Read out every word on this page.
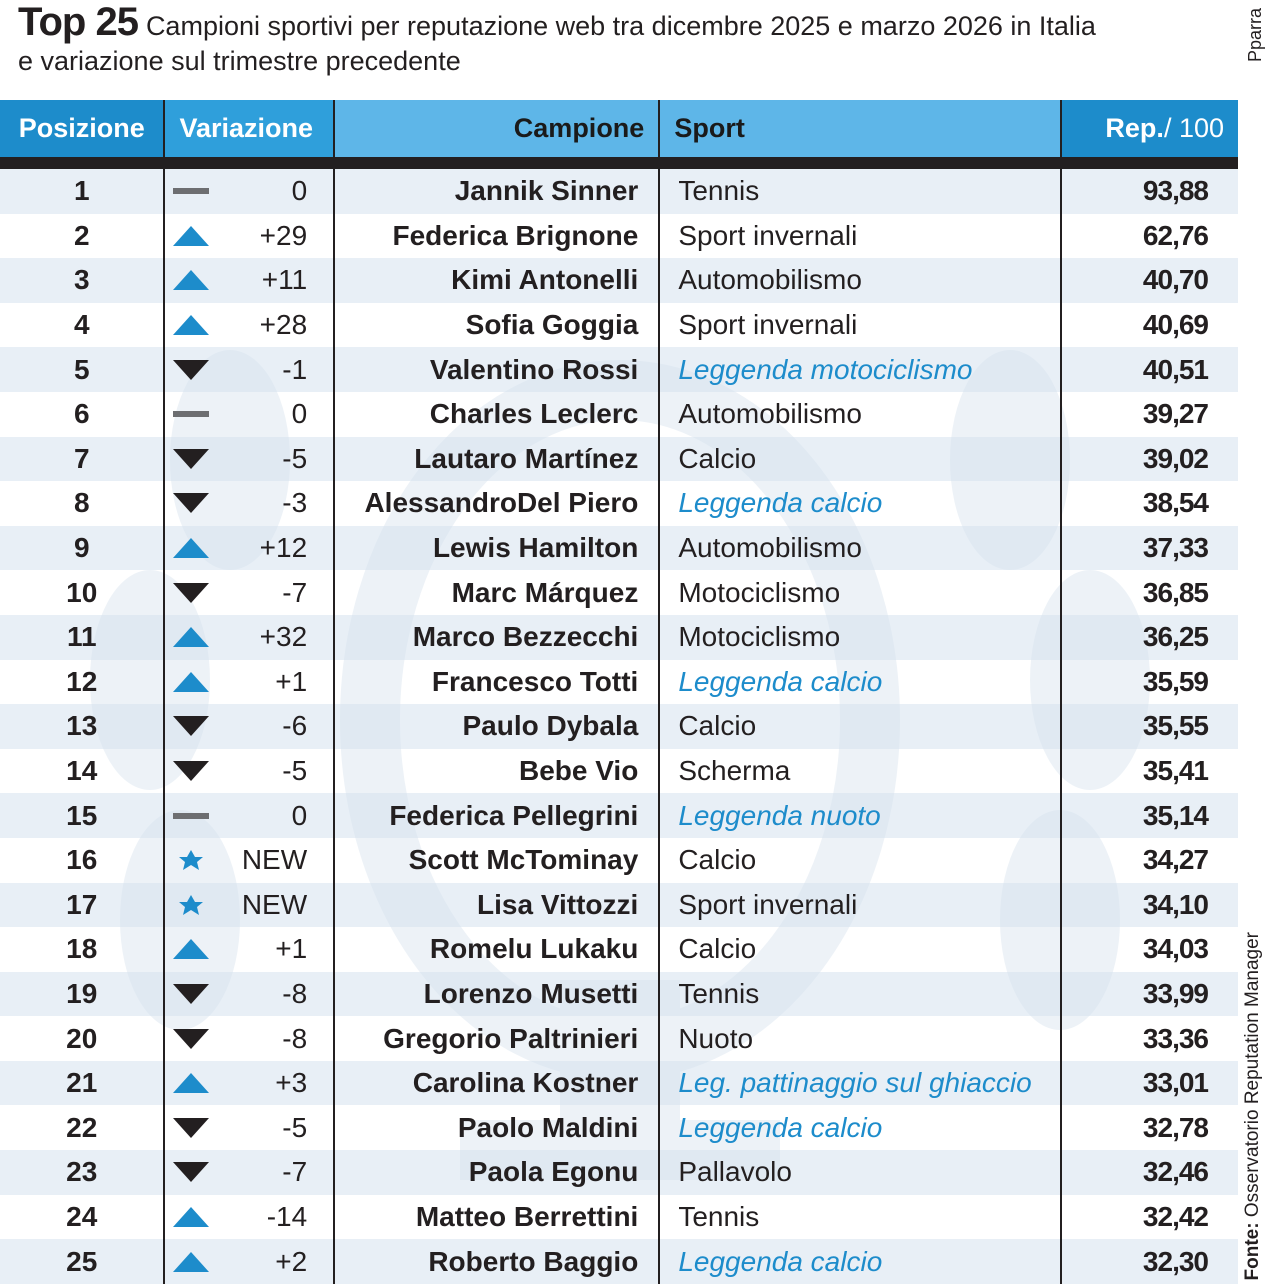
Top 25 Campioni sportivi per reputazione web tra dicembre 2025 e marzo 2026 in Italia
e variazione sul trimestre precedente	Pparra
Fonte: Osservatorio Reputation Manager
Posizione	Variazione	Campione	Sport	Rep./ 100

1	0	Jannik Sinner	Tennis	93,88
2	+29	Federica Brignone	Sport invernali	62,76
3	+11	Kimi Antonelli	Automobilismo	40,70
4	+28	Sofia Goggia	Sport invernali	40,69
5	-1	Valentino Rossi	Leggenda motociclismo	40,51
6	0	Charles Leclerc	Automobilismo	39,27
7	-5	Lautaro Martínez	Calcio	39,02
8	-3	AlessandroDel Piero	Leggenda calcio	38,54
9	+12	Lewis Hamilton	Automobilismo	37,33
10	-7	Marc Márquez	Motociclismo	36,85
11	+32	Marco Bezzecchi	Motociclismo	36,25
12	+1	Francesco Totti	Leggenda calcio	35,59
13	-6	Paulo Dybala	Calcio	35,55
14	-5	Bebe Vio	Scherma	35,41
15	0	Federica Pellegrini	Leggenda nuoto	35,14
16	NEW	Scott McTominay	Calcio	34,27
17	NEW	Lisa Vittozzi	Sport invernali	34,10
18	+1	Romelu Lukaku	Calcio	34,03
19	-8	Lorenzo Musetti	Tennis	33,99
20	-8	Gregorio Paltrinieri	Nuoto	33,36
21	+3	Carolina Kostner	Leg. pattinaggio sul ghiaccio	33,01
22	-5	Paolo Maldini	Leggenda calcio	32,78
23	-7	Paola Egonu	Pallavolo	32,46
24	-14	Matteo Berrettini	Tennis	32,42
25	+2	Roberto Baggio	Leggenda calcio	32,30
